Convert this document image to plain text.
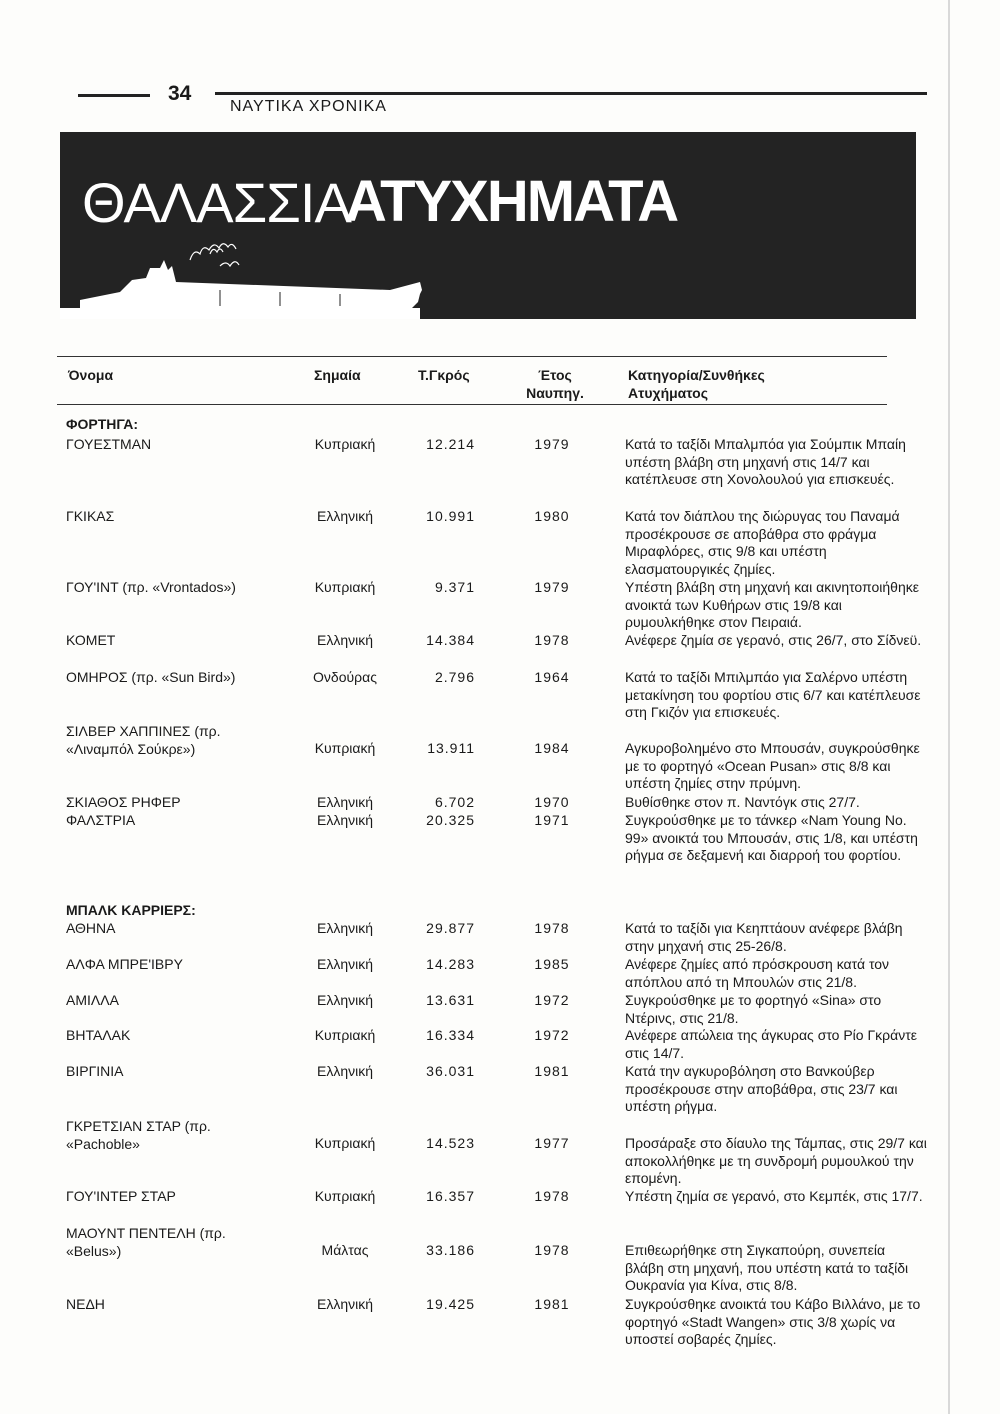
34
ΝΑΥΤΙΚΑ ΧΡΟΝΙΚΑ
ΘΑΛΑΣΣΙΑ
ΑΤΥΧΗΜΑΤΑ
Όνομα	Σημαία	Τ.Γκρός	Έτος
Ναυπηγ.
Κατηγορία/Συνθήκες
Ατυχήματος
ΦΟΡΤΗΓΑ:
ΓΟΥΕΣΤΜΑΝ	Κυπριακή	12.214	1979	Κατά το ταξίδι Μπαλμπόα για Σούμπικ Μπαίη υπέστη βλάβη στη μηχανή στις 14/7 και κατέπλευσε στη Χονολουλού για επισκευές.
ΓΚΙΚΑΣ	Ελληνική	10.991	1980	Κατά τον διάπλου της διώρυγας του Παναμά προσέκρουσε σε αποβάθρα στο φράγμα Μιραφλόρες, στις 9/8 και υπέστη ελασματουργικές ζημίες.
ΓΟΥ'ΙΝΤ (πρ. «Vrontados»)	Κυπριακή	9.371	1979	Υπέστη βλάβη στη μηχανή και ακινητοποιήθηκε ανοικτά των Κυθήρων στις 19/8 και ρυμουλκήθηκε στον Πειραιά.
ΚΟΜΕΤ	Ελληνική	14.384	1978	Ανέφερε ζημία σε γερανό, στις 26/7, στο Σίδνεϋ.
ΟΜΗΡΟΣ (πρ. «Sun Bird»)	Ονδούρας	2.796	1964	Κατά το ταξίδι Μπιλμπάο για Σαλέρνο υπέστη μετακίνηση του φορτίου στις 6/7 και κατέπλευσε στη Γκιζόν για επισκευές.
ΣΙΛΒΕΡ ΧΑΠΠΙΝΕΣ (πρ. «Λιναμπόλ Σούκρε»)	Κυπριακή	13.911	1984	Αγκυροβολημένο στο Μπουσάν, συγκρούσθηκε με το φορτηγό «Ocean Pusan» στις 8/8 και υπέστη ζημίες στην πρύμνη.
ΣΚΙΑΘΟΣ ΡΗΦΕΡ	Ελληνική	6.702	1970	Βυθίσθηκε στον π. Ναντόγκ στις 27/7.
ΦΑΛΣΤΡΙΑ	Ελληνική	20.325	1971	Συγκρούσθηκε με το τάνκερ «Nam Young No. 99» ανοικτά του Μπουσάν, στις 1/8, και υπέστη ρήγμα σε δεξαμενή και διαρροή του φορτίου.
ΜΠΑΛΚ ΚΑΡΡΙΕΡΣ:
ΑΘΗΝΑ	Ελληνική	29.877	1978	Κατά το ταξίδι για Κεηπτάουν ανέφερε βλάβη στην μηχανή στις 25-26/8.
ΑΛΦΑ ΜΠΡΕ'ΙΒΡΥ	Ελληνική	14.283	1985	Ανέφερε ζημίες από πρόσκρουση κατά τον απόπλου από τη Μπουλών στις 21/8.
ΑΜΙΛΛΑ	Ελληνική	13.631	1972	Συγκρούσθηκε με το φορτηγό «Sina» στο Ντέρινς, στις 21/8.
ΒΗΤΑΛΑΚ	Κυπριακή	16.334	1972	Ανέφερε απώλεια της άγκυρας στο Ρίο Γκράντε στις 14/7.
ΒΙΡΓΙΝΙΑ	Ελληνική	36.031	1981	Κατά την αγκυροβόληση στο Βανκούβερ προσέκρουσε στην αποβάθρα, στις 23/7 και υπέστη ρήγμα.
ΓΚΡΕΤΣΙΑΝ ΣΤΑΡ (πρ. «Pachoble»	Κυπριακή	14.523	1977	Προσάραξε στο δίαυλο της Τάμπας, στις 29/7 και αποκολλήθηκε με τη συνδρομή ρυμουλκού την επομένη.
ΓΟΥ'ΙΝΤΕΡ ΣΤΑΡ	Κυπριακή	16.357	1978	Υπέστη ζημία σε γερανό, στο Κεμπέκ, στις 17/7.
ΜΑΟΥΝΤ ΠΕΝΤΕΛΗ (πρ. «Belus»)	Μάλτας	33.186	1978	Επιθεωρήθηκε στη Σιγκαπούρη, συνεπεία βλάβη στη μηχανή, που υπέστη κατά το ταξίδι Ουκρανία για Κίνα, στις 8/8.
ΝΕΔΗ	Ελληνική	19.425	1981	Συγκρούσθηκε ανοικτά του Κάβο Βιλλάνο, με το φορτηγό «Stadt Wangen» στις 3/8 χωρίς να υποστεί σοβαρές ζημίες.
